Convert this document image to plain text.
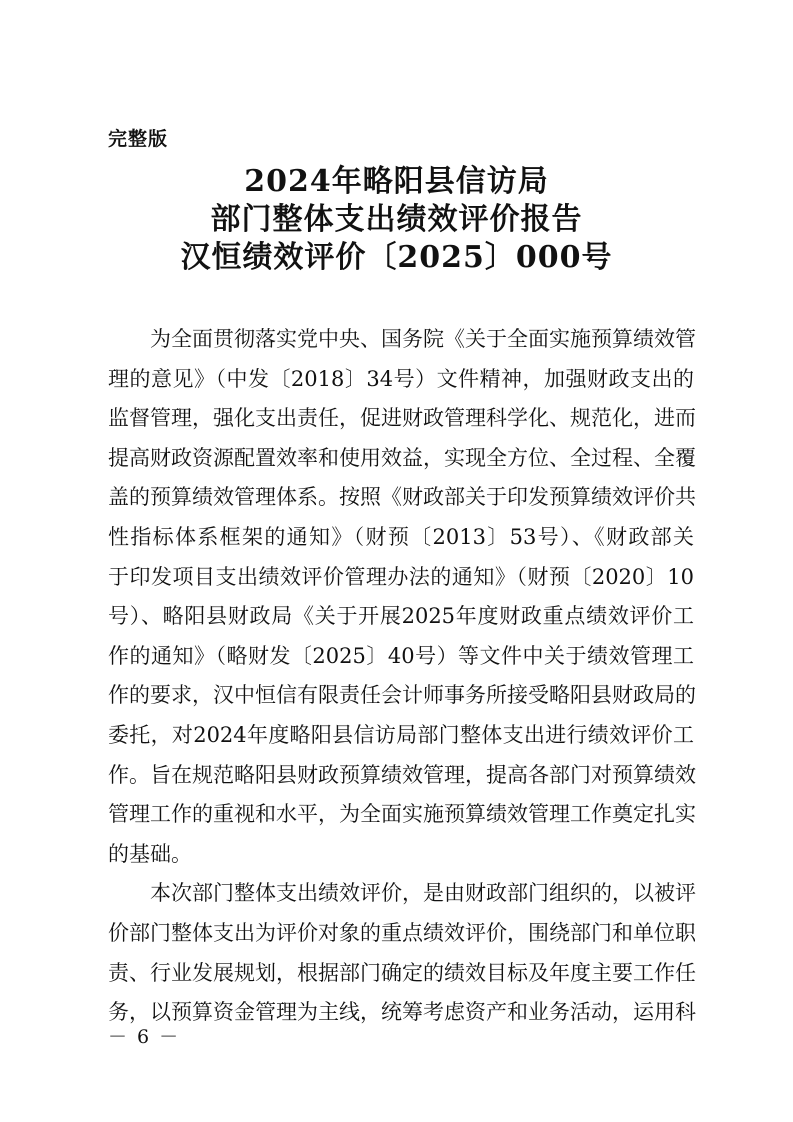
完整版
2024年略阳县信访局
部门整体支出绩效评价报告
汉恒绩效评价〔2025〕000号
为全面贯彻落实党中央、国务院《关于全面实施预算绩效管
理的意见》（中发〔2018〕34号）文件精神，加强财政支出的
监督管理，强化支出责任，促进财政管理科学化、规范化，进而
提高财政资源配置效率和使用效益，实现全方位、全过程、全覆
盖的预算绩效管理体系。按照《财政部关于印发预算绩效评价共
性指标体系框架的通知》（财预〔2013〕53号）、《财政部关
于印发项目支出绩效评价管理办法的通知》（财预〔2020〕10
号）、略阳县财政局《关于开展2025年度财政重点绩效评价工
作的通知》（略财发〔2025〕40号）等文件中关于绩效管理工
作的要求，汉中恒信有限责任会计师事务所接受略阳县财政局的
委托，对2024年度略阳县信访局部门整体支出进行绩效评价工
作。旨在规范略阳县财政预算绩效管理，提高各部门对预算绩效
管理工作的重视和水平，为全面实施预算绩效管理工作奠定扎实
的基础。
本次部门整体支出绩效评价，是由财政部门组织的，以被评
价部门整体支出为评价对象的重点绩效评价，围绕部门和单位职
责、行业发展规划，根据部门确定的绩效目标及年度主要工作任
务，以预算资金管理为主线，统筹考虑资产和业务活动，运用科
－ 6 －
